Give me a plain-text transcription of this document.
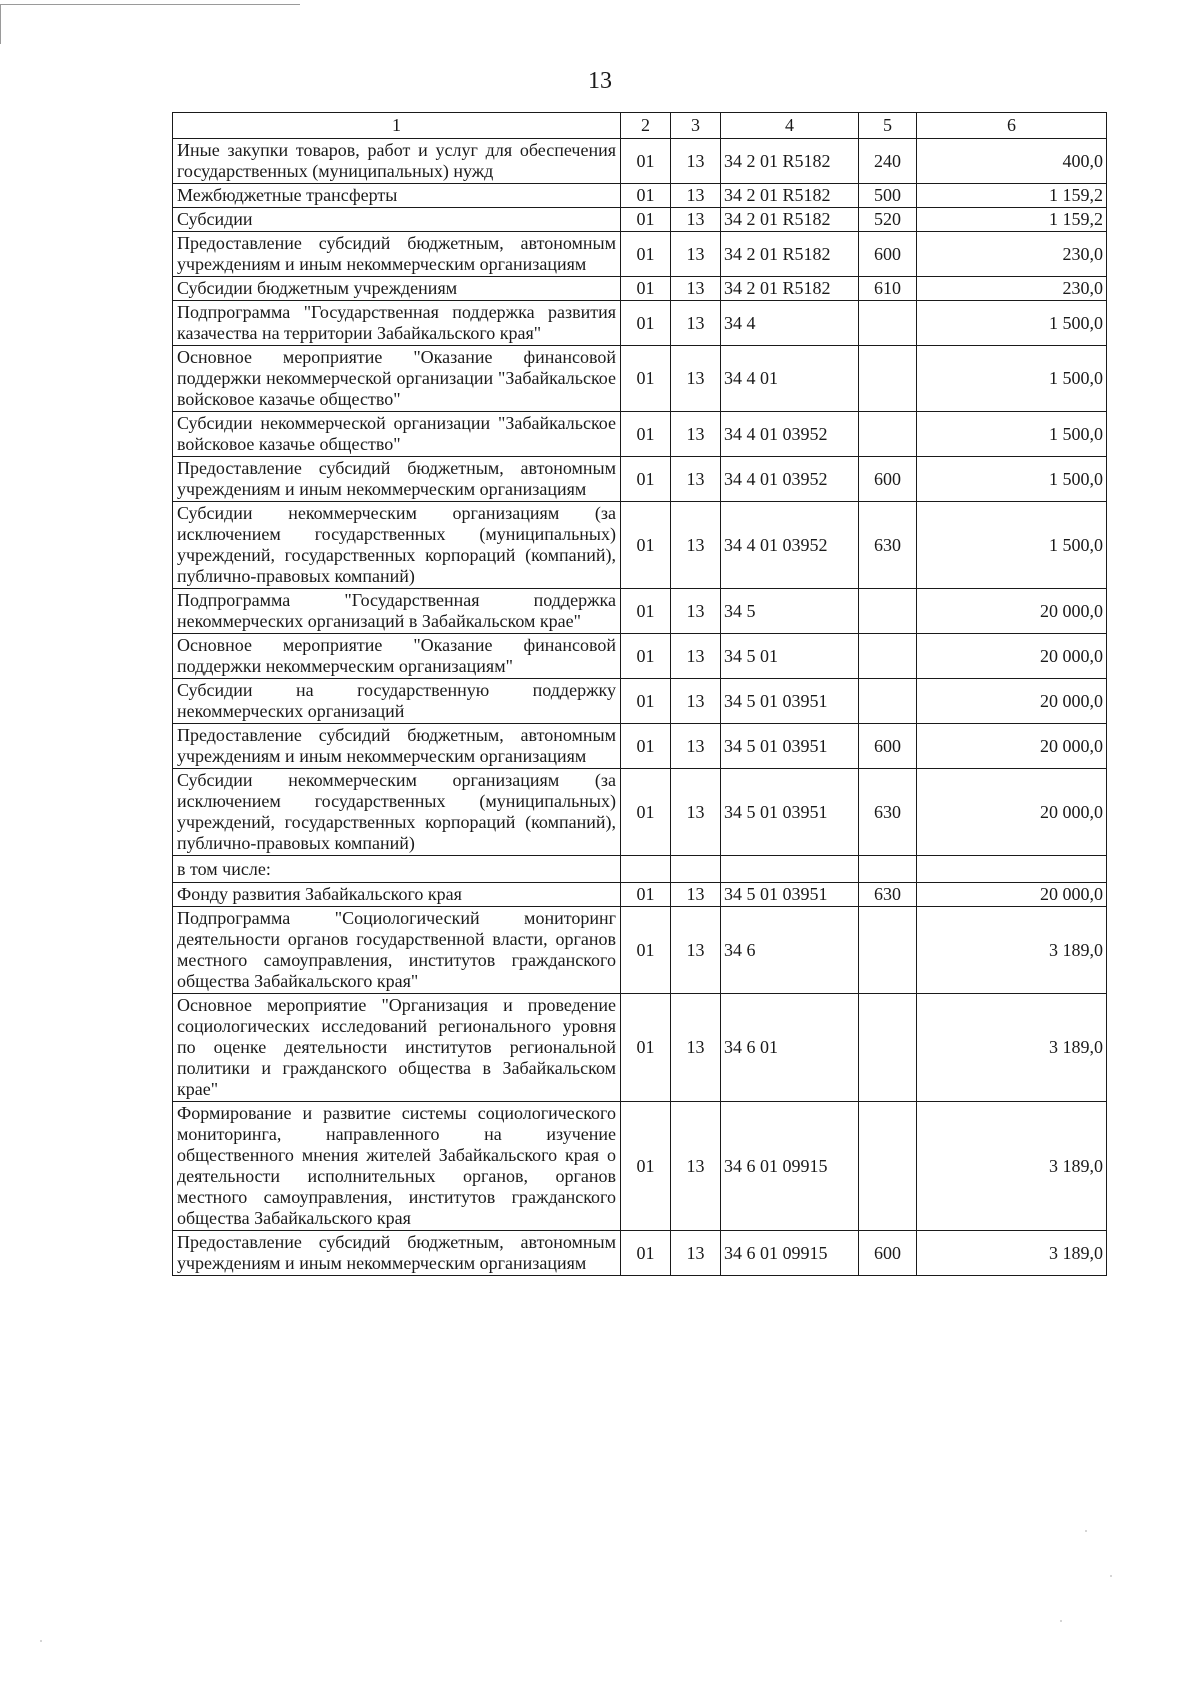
13
1	2	3	4	5	6
Иные закупки товаров, работ и услуг для обеспечения государственных (муниципальных) нужд	01	13	34 2 01 R5182	240	400,0
Межбюджетные трансферты	01	13	34 2 01 R5182	500	1 159,2
Субсидии	01	13	34 2 01 R5182	520	1 159,2
Предоставление субсидий бюджетным, автономным учреждениям и иным некоммерческим организациям	01	13	34 2 01 R5182	600	230,0
Субсидии бюджетным учреждениям	01	13	34 2 01 R5182	610	230,0
Подпрограмма "Государственная поддержка развития казачества на территории Забайкальского края"	01	13	34 4		1 500,0
Основное мероприятие "Оказание финансовой поддержки некоммерческой организации "Забайкальское войсковое казачье общество"	01	13	34 4 01		1 500,0
Субсидии некоммерческой организации "Забайкальское войсковое казачье общество"	01	13	34 4 01 03952		1 500,0
Предоставление субсидий бюджетным, автономным учреждениям и иным некоммерческим организациям	01	13	34 4 01 03952	600	1 500,0
Субсидии некоммерческим организациям (за исключением государственных (муниципальных) учреждений, государственных корпораций (компаний), публично-правовых компаний)	01	13	34 4 01 03952	630	1 500,0
Подпрограмма "Государственная поддержка некоммерческих организаций в Забайкальском крае"	01	13	34 5		20 000,0
Основное мероприятие "Оказание финансовой поддержки некоммерческим организациям"	01	13	34 5 01		20 000,0
Субсидии на государственную поддержку некоммерческих организаций	01	13	34 5 01 03951		20 000,0
Предоставление субсидий бюджетным, автономным учреждениям и иным некоммерческим организациям	01	13	34 5 01 03951	600	20 000,0
Субсидии некоммерческим организациям (за исключением государственных (муниципальных) учреждений, государственных корпораций (компаний), публично-правовых компаний)	01	13	34 5 01 03951	630	20 000,0
в том числе:					
Фонду развития Забайкальского края	01	13	34 5 01 03951	630	20 000,0
Подпрограмма "Социологический мониторинг деятельности органов государственной власти, органов местного самоуправления, институтов гражданского общества Забайкальского края"	01	13	34 6		3 189,0
Основное мероприятие "Организация и проведение социологических исследований регионального уровня по оценке деятельности институтов региональной политики и гражданского общества в Забайкальском крае"	01	13	34 6 01		3 189,0
Формирование и развитие системы социологического мониторинга, направленного на изучение общественного мнения жителей Забайкальского края о деятельности исполнительных органов, органов местного самоуправления, институтов гражданского общества Забайкальского края	01	13	34 6 01 09915		3 189,0
Предоставление субсидий бюджетным, автономным учреждениям и иным некоммерческим организациям	01	13	34 6 01 09915	600	3 189,0
